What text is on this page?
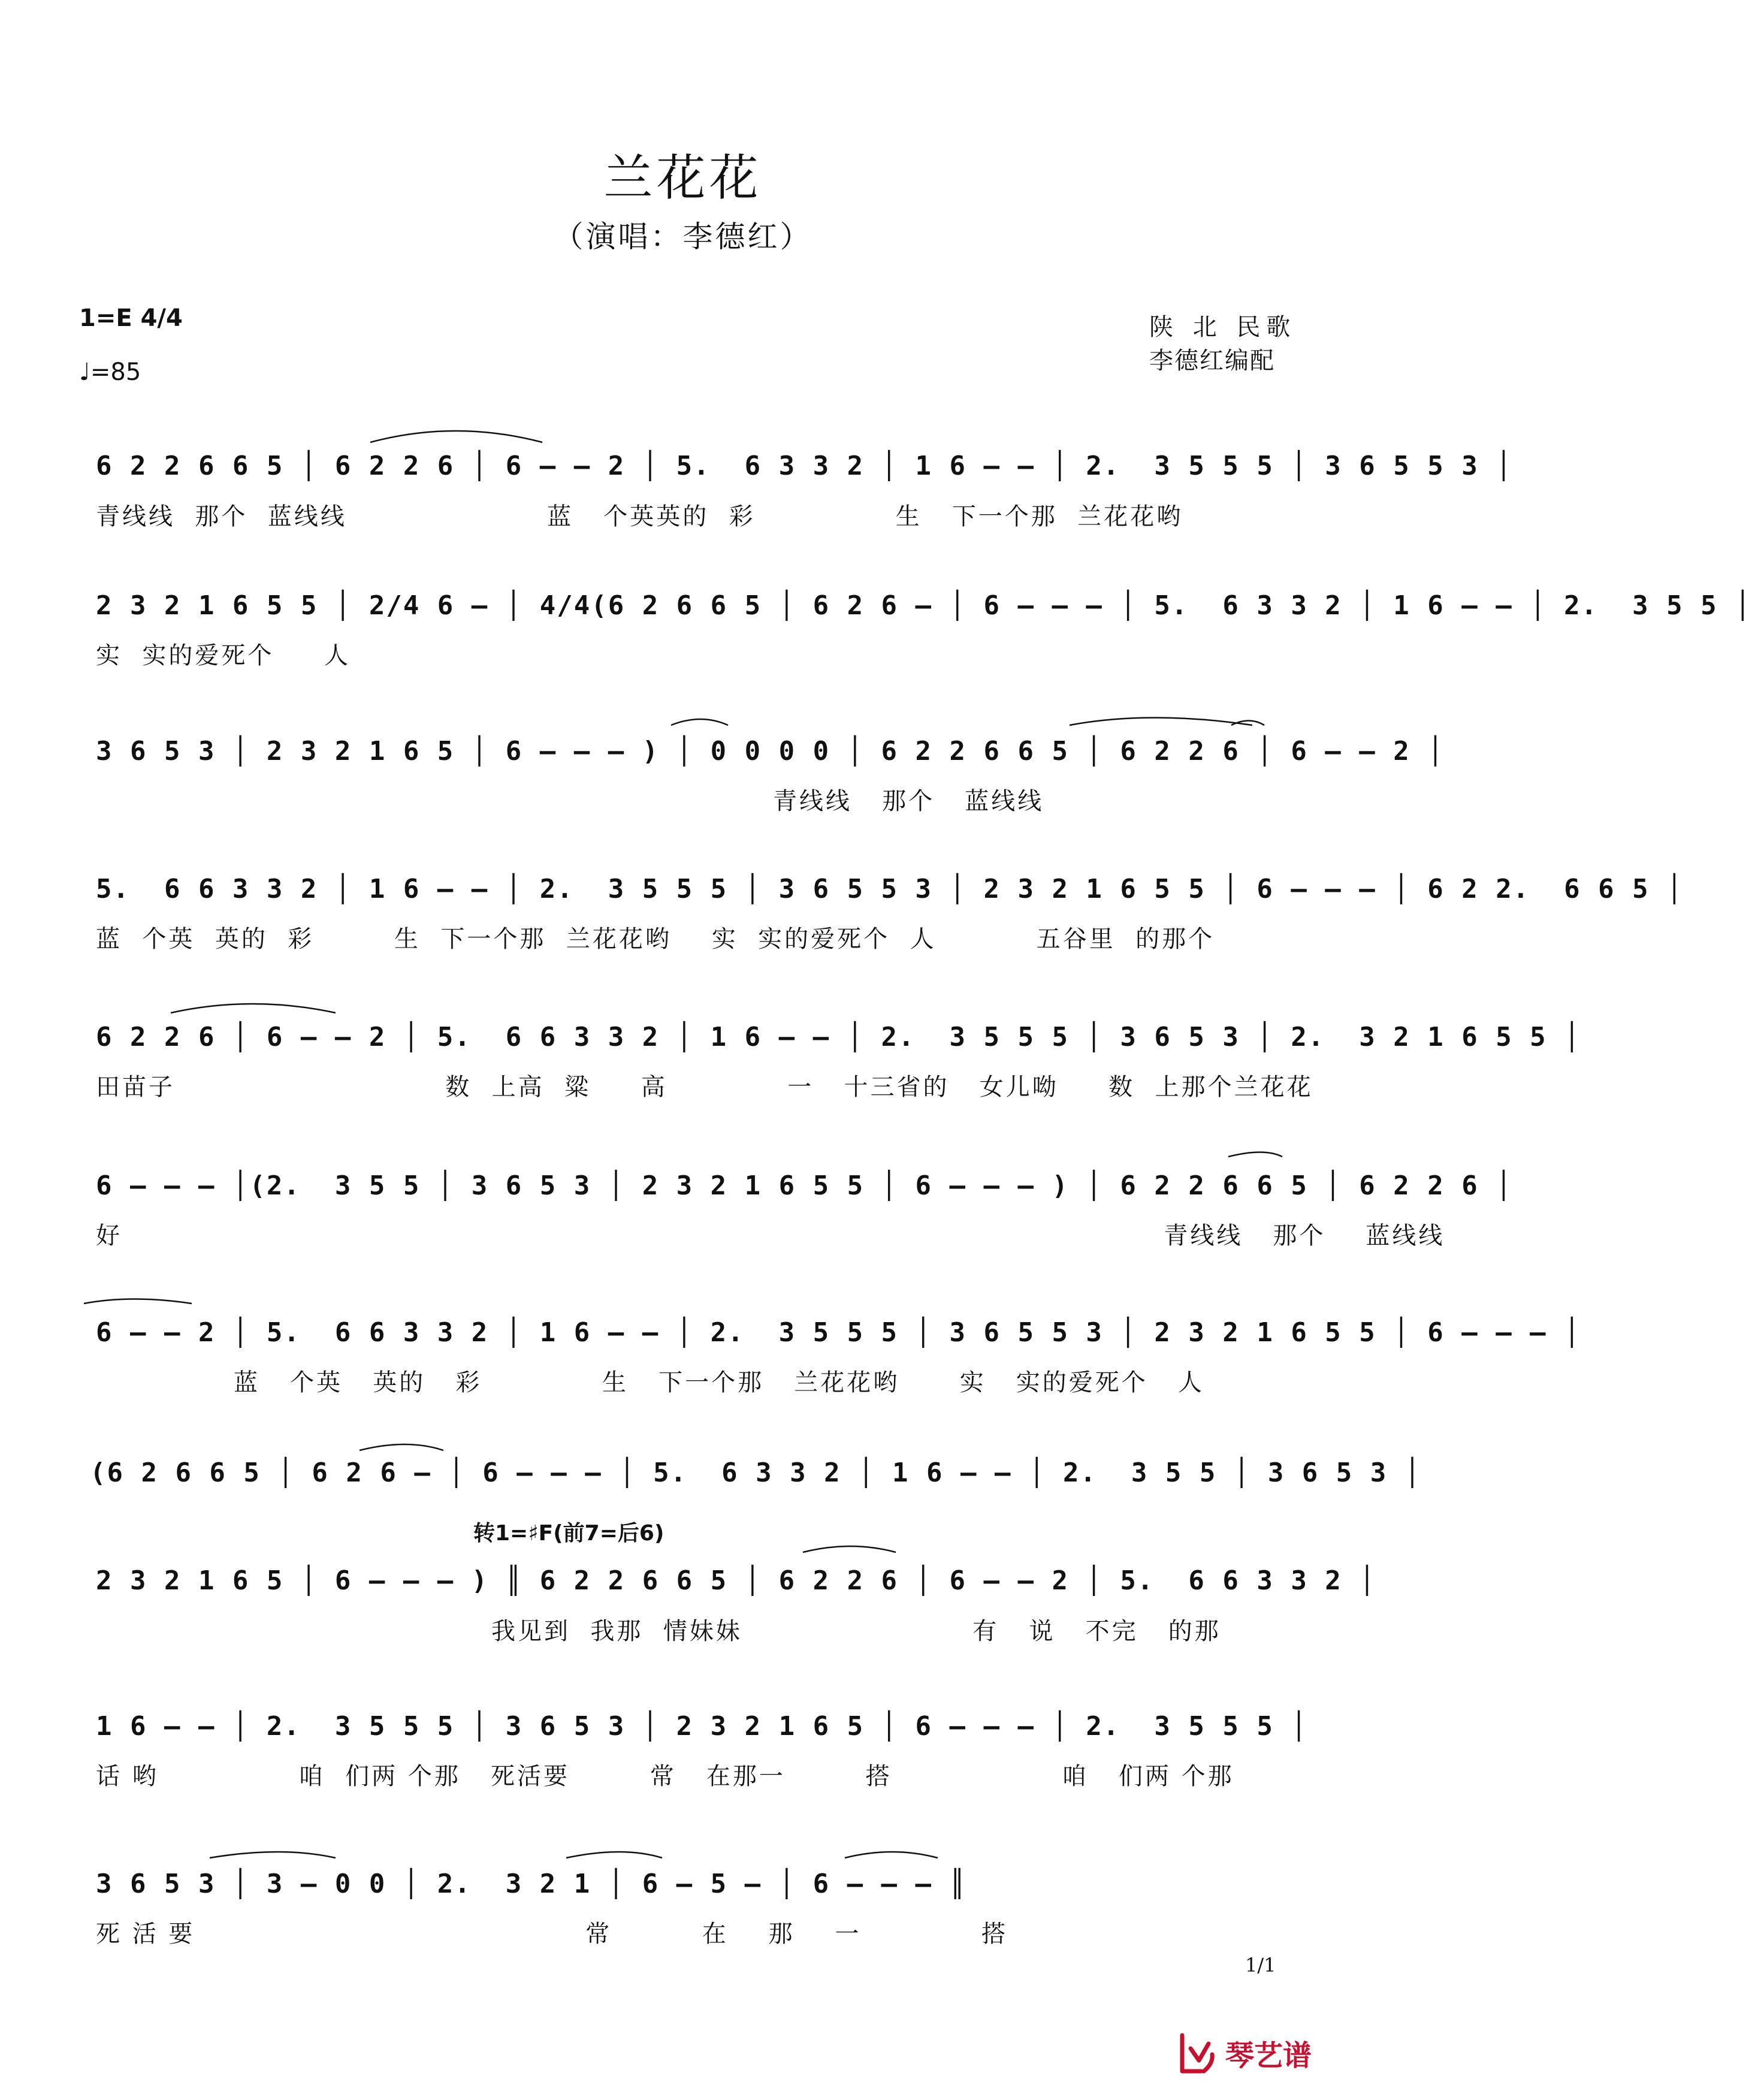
兰花花
（演唱：李德红）
1=E 4/4
♩=85
陕 北 民歌
李德红编配
6 2 2 6 6 5 │ 6 2 2 6 │ 6 – – 2 │ 5.  6 3 3 2 │ 1 6 – – │ 2.  3 5 5 5 │ 3 6 5 5 3 │
青线线  那个  蓝线线                    蓝   个英英的  彩              生   下一个那  兰花花哟
2 3 2 1 6 5 5 │ 2/4 6 – │ 4/4(6 2 6 6 5 │ 6 2 6 – │ 6 – – – │ 5.  6 3 3 2 │ 1 6 – – │ 2.  3 5 5 │
实  实的爱死个     人
3 6 5 3 │ 2 3 2 1 6 5 │ 6 – – – ) │ 0 0 0 0 │ 6 2 2 6 6 5 │ 6 2 2 6 │ 6 – – 2 │
青线线   那个   蓝线线
5.  6 6 3 3 2 │ 1 6 – – │ 2.  3 5 5 5 │ 3 6 5 5 3 │ 2 3 2 1 6 5 5 │ 6 – – – │ 6 2 2.  6 6 5 │
蓝  个英  英的  彩        生  下一个那  兰花花哟    实  实的爱死个  人          五谷里  的那个
6 2 2 6 │ 6 – – 2 │ 5.  6 6 3 3 2 │ 1 6 – – │ 2.  3 5 5 5 │ 3 6 5 3 │ 2.  3 2 1 6 5 5 │
田苗子                           数  上高  粱     高            一   十三省的   女儿呦     数  上那个兰花花
6 – – – │(2.  3 5 5 │ 3 6 5 3 │ 2 3 2 1 6 5 5 │ 6 – – – ) │ 6 2 2 6 6 5 │ 6 2 2 6 │
好                                                                                                        青线线   那个    蓝线线
6 – – 2 │ 5.  6 6 3 3 2 │ 1 6 – – │ 2.  3 5 5 5 │ 3 6 5 5 3 │ 2 3 2 1 6 5 5 │ 6 – – – │
蓝   个英   英的   彩            生   下一个那   兰花花哟      实   实的爱死个   人
(6 2 6 6 5 │ 6 2 6 – │ 6 – – – │ 5.  6 3 3 2 │ 1 6 – – │ 2.  3 5 5 │ 3 6 5 3 │
转1=♯F(前7=后6)
2 3 2 1 6 5 │ 6 – – – ) ║ 6 2 2 6 6 5 │ 6 2 2 6 │ 6 – – 2 │ 5.  6 6 3 3 2 │
我见到  我那  情妹妹                       有   说   不完   的那
1 6 – – │ 2.  3 5 5 5 │ 3 6 5 3 │ 2 3 2 1 6 5 │ 6 – – – │ 2.  3 5 5 5 │
话 哟              咱  们两 个那   死活要        常   在那一        搭                 咱   们两 个那
3 6 5 3 │ 3 – 0 0 │ 2.  3 2 1 │ 6 – 5 – │ 6 – – – ║
死 活 要                                       常         在    那    一            搭
1/1
琴艺谱
